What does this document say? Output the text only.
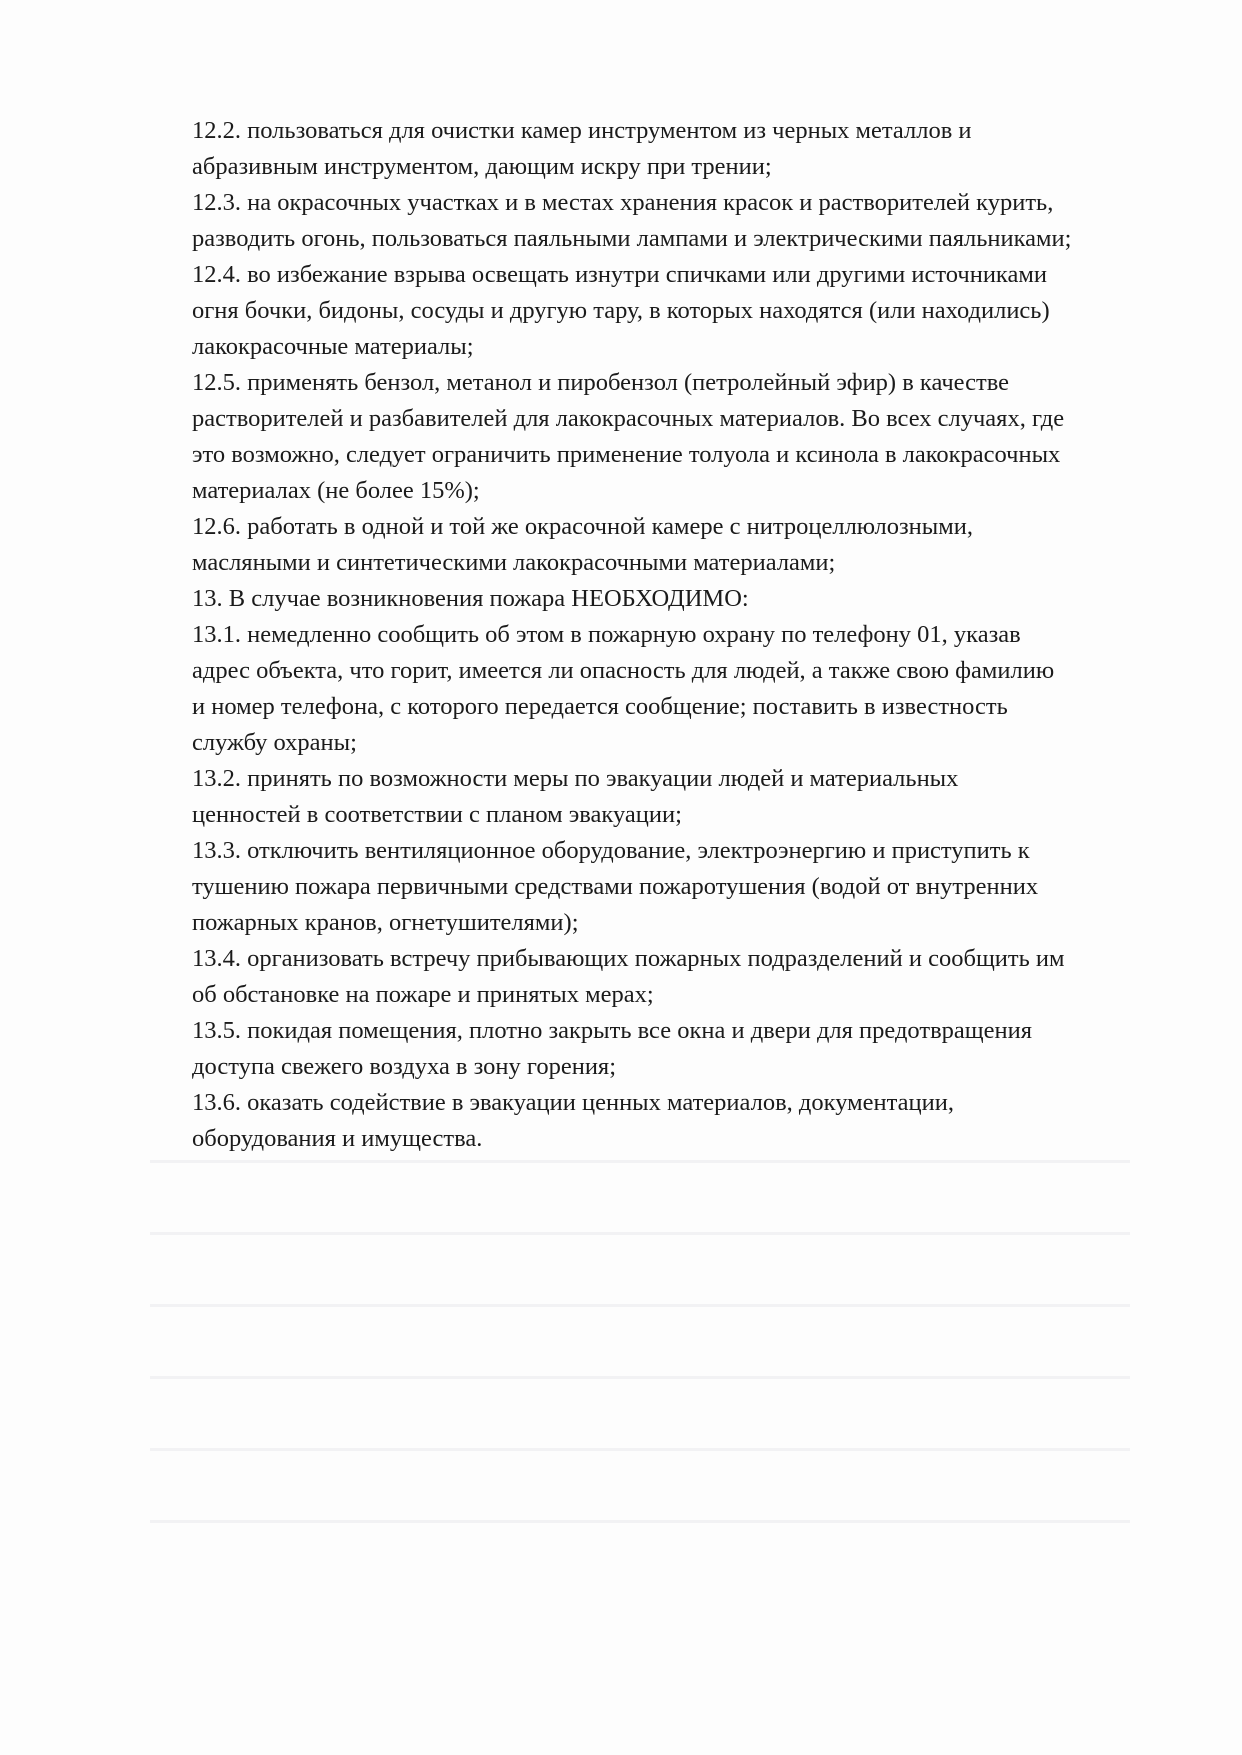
12.2. пользоваться для очистки камер инструментом из черных металлов и
абразивным инструментом, дающим искру при трении;
12.3. на окрасочных участках и в местах хранения красок и растворителей курить,
разводить огонь, пользоваться паяльными лампами и электрическими паяльниками;
12.4. во избежание взрыва освещать изнутри спичками или другими источниками
огня бочки, бидоны, сосуды и другую тару, в которых находятся (или находились)
лакокрасочные материалы;
12.5. применять бензол, метанол и пиробензол (петролейный эфир) в качестве
растворителей и разбавителей для лакокрасочных материалов. Во всех случаях, где
это возможно, следует ограничить применение толуола и ксинола в лакокрасочных
материалах (не более 15%);
12.6. работать в одной и той же окрасочной камере с нитроцеллюлозными,
масляными и синтетическими лакокрасочными материалами;
13. В случае возникновения пожара НЕОБХОДИМО:
13.1. немедленно сообщить об этом в пожарную охрану по телефону 01, указав
адрес объекта, что горит, имеется ли опасность для людей, а также свою фамилию
и номер телефона, с которого передается сообщение; поставить в известность
службу охраны;
13.2. принять по возможности меры по эвакуации людей и материальных
ценностей в соответствии с планом эвакуации;
13.3. отключить вентиляционное оборудование, электроэнергию и приступить к
тушению пожара первичными средствами пожаротушения (водой от внутренних
пожарных кранов, огнетушителями);
13.4. организовать встречу прибывающих пожарных подразделений и сообщить им
об обстановке на пожаре и принятых мерах;
13.5. покидая помещения, плотно закрыть все окна и двери для предотвращения
доступа свежего воздуха в зону горения;
13.6. оказать содействие в эвакуации ценных материалов, документации,
оборудования и имущества.
